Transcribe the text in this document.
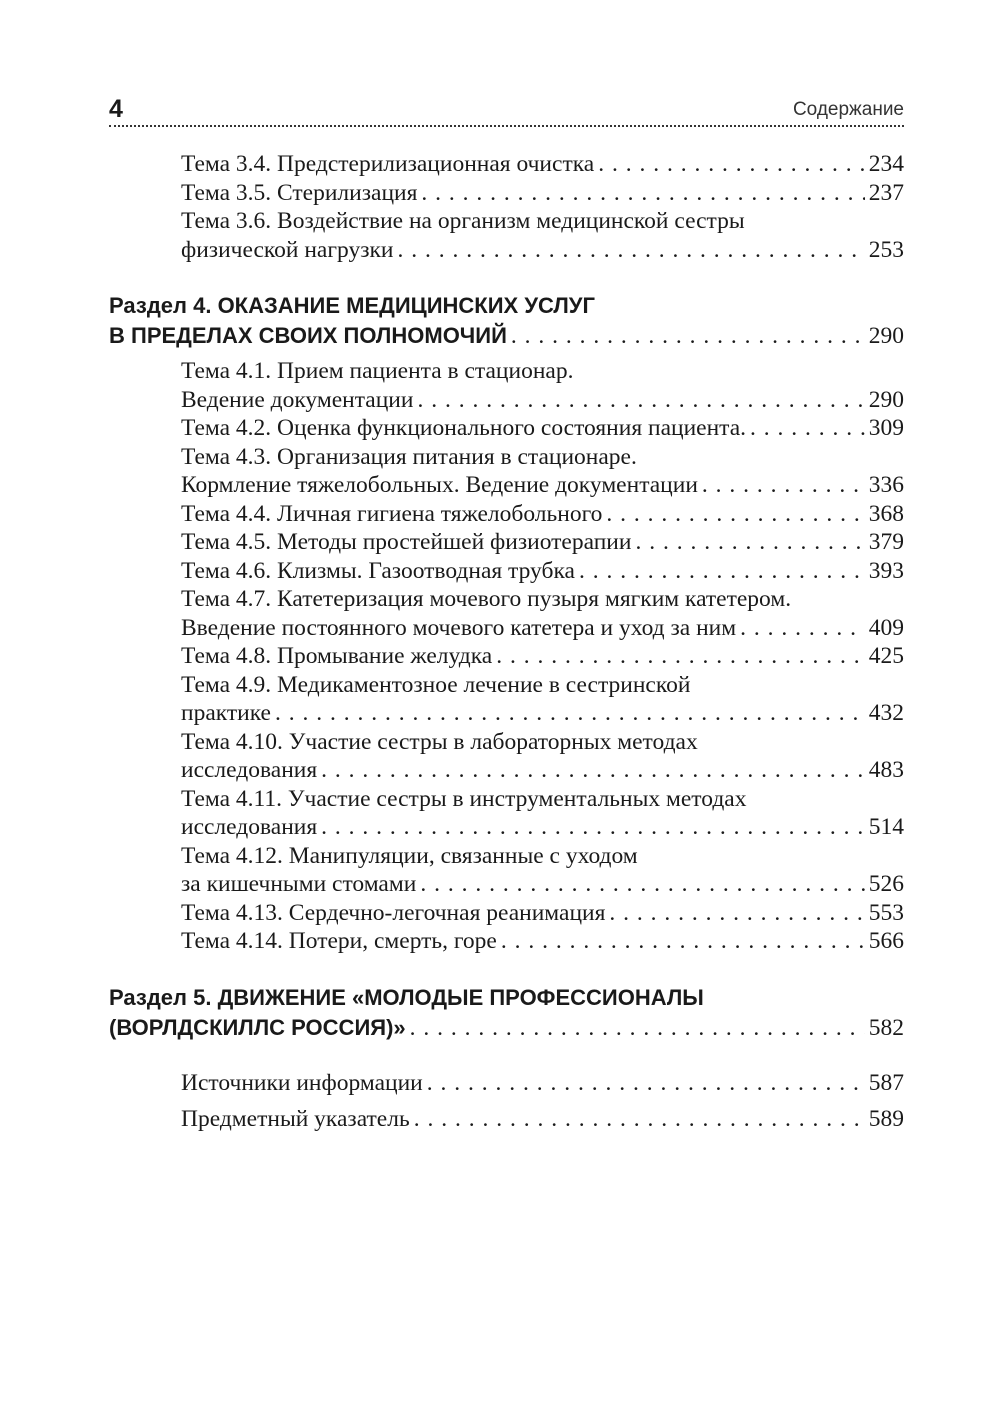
4	Содержание
Тема 3.4. Предстерилизационная очистка . . .	234
Тема 3.5. Стерилизация . . .	237
Тема 3.6. Воздействие на организм медицинской сестры
физической нагрузки . . .	253
Раздел 4. ОКАЗАНИЕ МЕДИЦИНСКИХ УСЛУГ
В ПРЕДЕЛАХ СВОИХ ПОЛНОМОЧИЙ . . .	290
Тема 4.1. Прием пациента в стационар.
Ведение документации . . .	290
Тема 4.2. Оценка функционального состояния пациента. . . .	309
Тема 4.3. Организация питания в стационаре.
Кормление тяжелобольных. Ведение документации . . .	336
Тема 4.4. Личная гигиена тяжелобольного . . .	368
Тема 4.5. Методы простейшей физиотерапии . . .	379
Тема 4.6. Клизмы. Газоотводная трубка . . .	393
Тема 4.7. Катетеризация мочевого пузыря мягким катетером.
Введение постоянного мочевого катетера и уход за ним . . .	409
Тема 4.8. Промывание желудка . . .	425
Тема 4.9. Медикаментозное лечение в сестринской
практике . . .	432
Тема 4.10. Участие сестры в лабораторных методах
исследования . . .	483
Тема 4.11. Участие сестры в инструментальных методах
исследования . . .	514
Тема 4.12. Манипуляции, связанные с уходом
за кишечными стомами . . .	526
Тема 4.13. Сердечно-легочная реанимация . . .	553
Тема 4.14. Потери, смерть, горе . . .	566
Раздел 5. ДВИЖЕНИЕ «МОЛОДЫЕ ПРОФЕССИОНАЛЫ
(ВОРЛДСКИЛЛС РОССИЯ)» . . .	582
Источники информации . . .	587
Предметный указатель . . .	589
